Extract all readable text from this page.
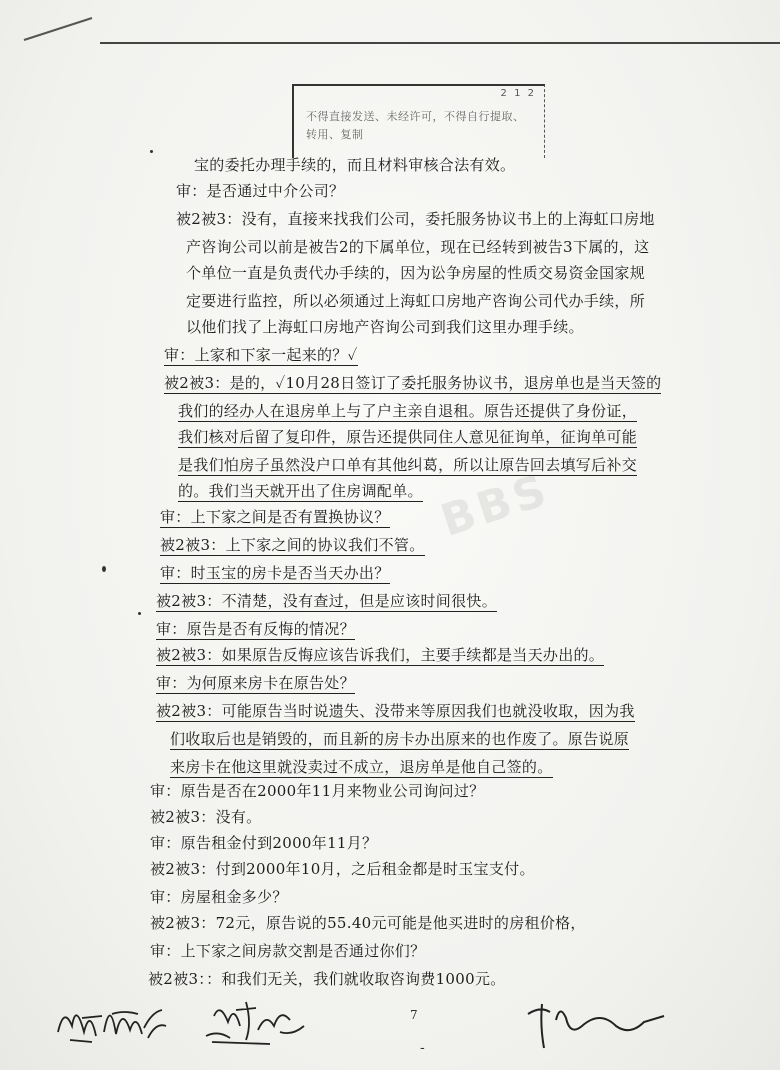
2 1 2
不得直接发送、未经许可，不得自行提取、转用、复制
BBS
宝的委托办理手续的，而且材料审核合法有效。
审：是否通过中介公司？
被2被3：没有，直接来找我们公司，委托服务协议书上的上海虹口房地
产咨询公司以前是被告2的下属单位，现在已经转到被告3下属的，这
个单位一直是负责代办手续的，因为讼争房屋的性质交易资金国家规
定要进行监控，所以必须通过上海虹口房地产咨询公司代办手续，所
以他们找了上海虹口房地产咨询公司到我们这里办理手续。
审：上家和下家一起来的？✓
被2被3：是的，✓10月28日签订了委托服务协议书，退房单也是当天签的
我们的经办人在退房单上与了户主亲自退租。原告还提供了身份证，
我们核对后留了复印件，原告还提供同住人意见征询单，征询单可能
是我们怕房子虽然没户口单有其他纠葛，所以让原告回去填写后补交
的。我们当天就开出了住房调配单。
审：上下家之间是否有置换协议？
被2被3：上下家之间的协议我们不管。
审：时玉宝的房卡是否当天办出？
被2被3：不清楚，没有查过，但是应该时间很快。
审：原告是否有反悔的情况？
被2被3：如果原告反悔应该告诉我们，主要手续都是当天办出的。
审：为何原来房卡在原告处？
被2被3：可能原告当时说遗失、没带来等原因我们也就没收取，因为我
们收取后也是销毁的，而且新的房卡办出原来的也作废了。原告说原
来房卡在他这里就没卖过不成立，退房单是他自己签的。
审：原告是否在2000年11月来物业公司询问过？
被2被3：没有。
审：原告租金付到2000年11月？
被2被3：付到2000年10月，之后租金都是时玉宝支付。
审：房屋租金多少？
被2被3：72元，原告说的55.40元可能是他买进时的房租价格，
审：上下家之间房款交割是否通过你们？
被2被3：：和我们无关，我们就收取咨询费1000元。
7
-
